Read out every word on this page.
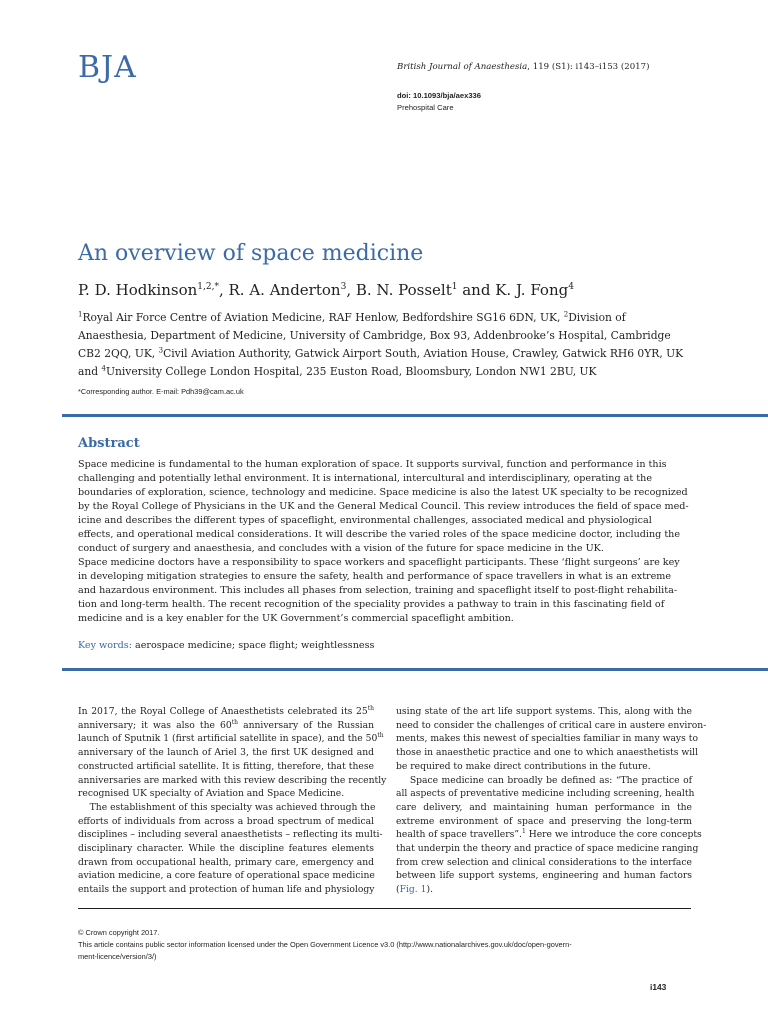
BJA	British Journal of Anaesthesia, 119 (S1): i143–i153 (2017)
doi: 10.1093/bja/aex336
Prehospital Care
An overview of space medicine
P. D. Hodkinson$^{1,2,*}$, R. A. Anderton$^3$, B. N. Posselt$^1$ and K. J. Fong$^4$
$^1$Royal Air Force Centre of Aviation Medicine, RAF Henlow, Bedfordshire SG16 6DN, UK, $^2$Division of Anaesthesia, Department of Medicine, University of Cambridge, Box 93, Addenbrooke’s Hospital, Cambridge CB2 2QQ, UK, $^3$Civil Aviation Authority, Gatwick Airport South, Aviation House, Crawley, Gatwick RH6 0YR, UK and $^4$University College London Hospital, 235 Euston Road, Bloomsbury, London NW1 2BU, UK
*Corresponding author. E-mail: Pdh39@cam.ac.uk
Abstract

Space medicine is fundamental to the human exploration of space. It supports survival, function and performance in this

challenging and potentially lethal environment. It is international, intercultural and interdisciplinary, operating at the

boundaries of exploration, science, technology and medicine. Space medicine is also the latest UK specialty to be recognized

by the Royal College of Physicians in the UK and the General Medical Council. This review introduces the field of space med-

icine and describes the different types of spaceflight, environmental challenges, associated medical and physiological

effects, and operational medical considerations. It will describe the varied roles of the space medicine doctor, including the

conduct of surgery and anaesthesia, and concludes with a vision of the future for space medicine in the UK.

Space medicine doctors have a responsibility to space workers and spaceflight participants. These ‘flight surgeons’ are key

in developing mitigation strategies to ensure the safety, health and performance of space travellers in what is an extreme

and hazardous environment. This includes all phases from selection, training and spaceflight itself to post-flight rehabilita-

tion and long-term health. The recent recognition of the speciality provides a pathway to train in this fascinating field of

medicine and is a key enabler for the UK Government’s commercial spaceflight ambition.

Key words: aerospace medicine; space flight; weightlessness

In 2017, the Royal College of Anaesthetists celebrated its 25th

anniversary; it was also the 60th anniversary of the Russian

launch of Sputnik 1 (first artificial satellite in space), and the 50th

anniversary of the launch of Ariel 3, the first UK designed and

constructed artificial satellite. It is fitting, therefore, that these

anniversaries are marked with this review describing the recently

recognised UK specialty of Aviation and Space Medicine.

The establishment of this specialty was achieved through the

efforts of individuals from across a broad spectrum of medical

disciplines – including several anaesthetists – reflecting its multi-

disciplinary character. While the discipline features elements

drawn from occupational health, primary care, emergency and

aviation medicine, a core feature of operational space medicine

entails the support and protection of human life and physiology

using state of the art life support systems. This, along with the

need to consider the challenges of critical care in austere environ-

ments, makes this newest of specialties familiar in many ways to

those in anaesthetic practice and one to which anaesthetists will

be required to make direct contributions in the future.

Space medicine can broadly be defined as: “The practice of

all aspects of preventative medicine including screening, health

care delivery, and maintaining human performance in the

extreme environment of space and preserving the long-term

health of space travellers”.$^1$ Here we introduce the core concepts

that underpin the theory and practice of space medicine ranging

from crew selection and clinical considerations to the interface

between life support systems, engineering and human factors

(Fig. 1).

© Crown copyright 2017.

This article contains public sector information licensed under the Open Government Licence v3.0 (http://www.nationalarchives.gov.uk/doc/open-govern-

ment-licence/version/3/)

i143
